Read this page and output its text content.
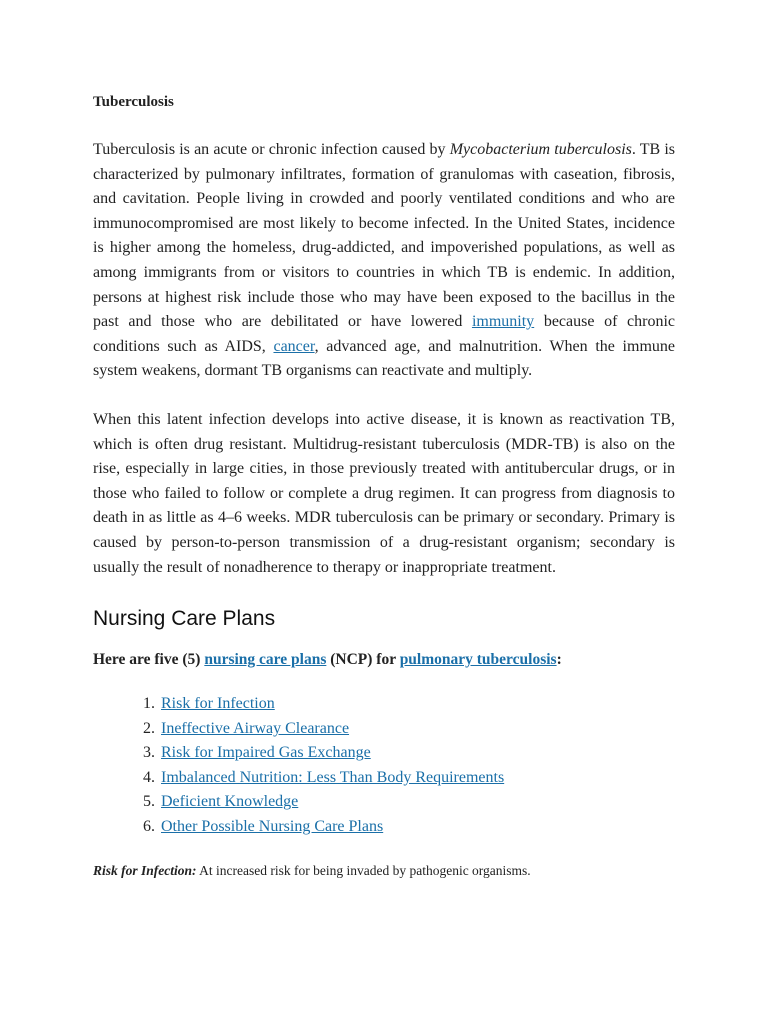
Tuberculosis

Tuberculosis is an acute or chronic infection caused by Mycobacterium tuberculosis. TB is characterized by pulmonary infiltrates, formation of granulomas with caseation, fibrosis, and cavitation. People living in crowded and poorly ventilated conditions and who are immunocompromised are most likely to become infected. In the United States, incidence is higher among the homeless, drug-addicted, and impoverished populations, as well as among immigrants from or visitors to countries in which TB is endemic. In addition, persons at highest risk include those who may have been exposed to the bacillus in the past and those who are debilitated or have lowered immunity because of chronic conditions such as AIDS, cancer, advanced age, and malnutrition. When the immune system weakens, dormant TB organisms can reactivate and multiply.

When this latent infection develops into active disease, it is known as reactivation TB, which is often drug resistant. Multidrug-resistant tuberculosis (MDR-TB) is also on the rise, especially in large cities, in those previously treated with antitubercular drugs, or in those who failed to follow or complete a drug regimen. It can progress from diagnosis to death in as little as 4–6 weeks. MDR tuberculosis can be primary or secondary. Primary is caused by person-to-person transmission of a drug-resistant organism; secondary is usually the result of nonadherence to therapy or inappropriate treatment.

Nursing Care Plans

Here are five (5) nursing care plans (NCP) for pulmonary tuberculosis:

1. Risk for Infection
2. Ineffective Airway Clearance
3. Risk for Impaired Gas Exchange
4. Imbalanced Nutrition: Less Than Body Requirements
5. Deficient Knowledge
6. Other Possible Nursing Care Plans

Risk for Infection: At increased risk for being invaded by pathogenic organisms.
